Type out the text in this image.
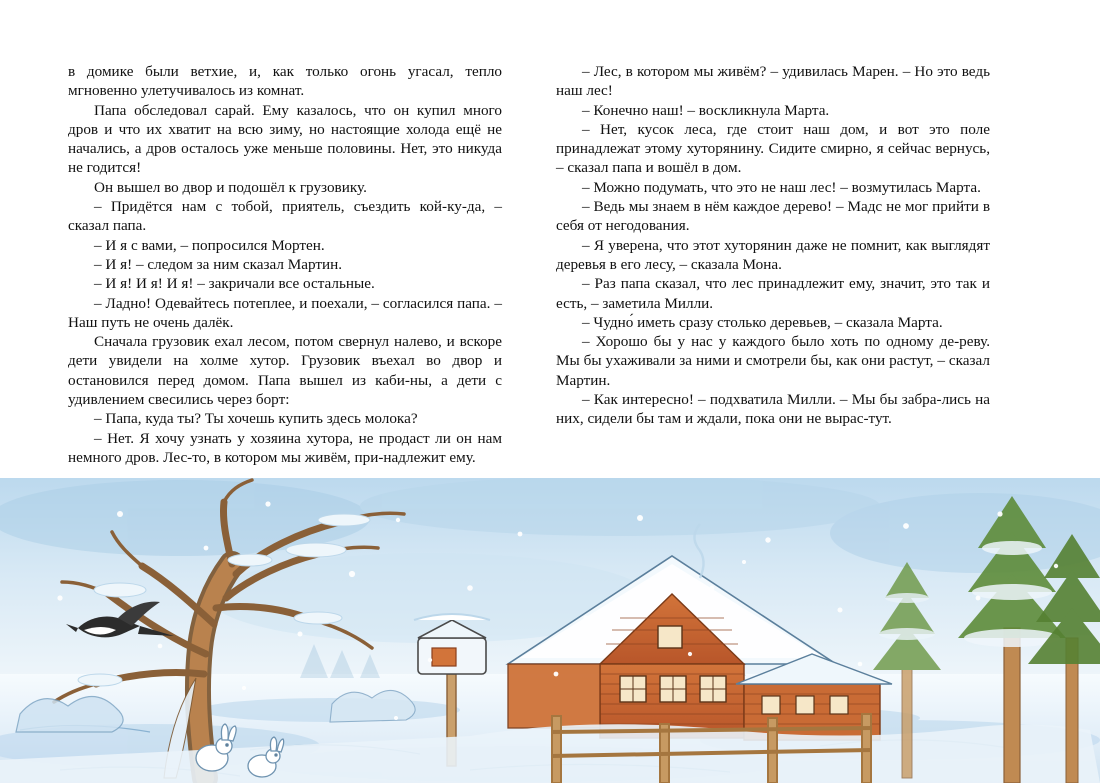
в домике были ветхие, и, как только огонь угасал, тепло мгновенно улетучивалось из комнат.

Папа обследовал сарай. Ему казалось, что он купил много дров и что их хватит на всю зиму, но настоящие холода ещё не начались, а дров осталось уже меньше половины. Нет, это никуда не годится!

Он вышел во двор и подошёл к грузовику.

– Придётся нам с тобой, приятель, съездить кой-ку-да, – сказал папа.

– И я с вами, – попросился Мортен.

– И я! – следом за ним сказал Мартин.

– И я! И я! И я! – закричали все остальные.

– Ладно! Одевайтесь потеплее, и поехали, – согласился папа. – Наш путь не очень далёк.

Сначала грузовик ехал лесом, потом свернул налево, и вскоре дети увидели на холме хутор. Грузовик въехал во двор и остановился перед домом. Папа вышел из каби-ны, а дети с удивлением свесились через борт:

– Папа, куда ты? Ты хочешь купить здесь молока?

– Нет. Я хочу узнать у хозяина хутора, не продаст ли он нам немного дров. Лес-то, в котором мы живём, при-надлежит ему.

– Лес, в котором мы живём? – удивилась Марен. – Но это ведь наш лес!

– Конечно наш! – воскликнула Марта.

– Нет, кусок леса, где стоит наш дом, и вот это поле принадлежат этому хуторянину. Сидите смирно, я сейчас вернусь, – сказал папа и вошёл в дом.

– Можно подумать, что это не наш лес! – возмутилась Марта.

– Ведь мы знаем в нём каждое дерево! – Мадс не мог прийти в себя от негодования.

– Я уверена, что этот хуторянин даже не помнит, как выглядят деревья в его лесу, – сказала Мона.

– Раз папа сказал, что лес принадлежит ему, значит, это так и есть, – заметила Милли.

– Чудно́ иметь сразу столько деревьев, – сказала Марта.

– Хорошо бы у нас у каждого было хоть по одному де-реву. Мы бы ухаживали за ними и смотрели бы, как они растут, – сказал Мартин.

– Как интересно! – подхватила Милли. – Мы бы забра-лись на них, сидели бы там и ждали, пока они не вырас-тут.
